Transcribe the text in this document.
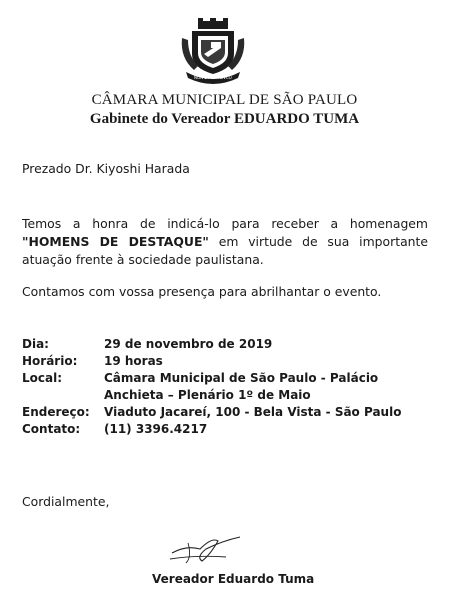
NON DVCOR DVCO
CÂMARA MUNICIPAL DE SÃO PAULO
Gabinete do Vereador EDUARDO TUMA
Prezado Dr. Kiyoshi Harada
Temos a honra de indicá-lo para receber a homenagem "HOMENS DE DESTAQUE" em virtude de sua importante atuação frente à sociedade paulistana.
Contamos com vossa presença para abrilhantar o evento.
Dia:	29 de novembro de 2019
Horário:	19 horas
Local:	Câmara Municipal de São Paulo - Palácio Anchieta – Plenário 1º de Maio
Endereço:	Viaduto Jacareí, 100 - Bela Vista - São Paulo
Contato:	(11) 3396.4217
Cordialmente,
Vereador Eduardo Tuma
